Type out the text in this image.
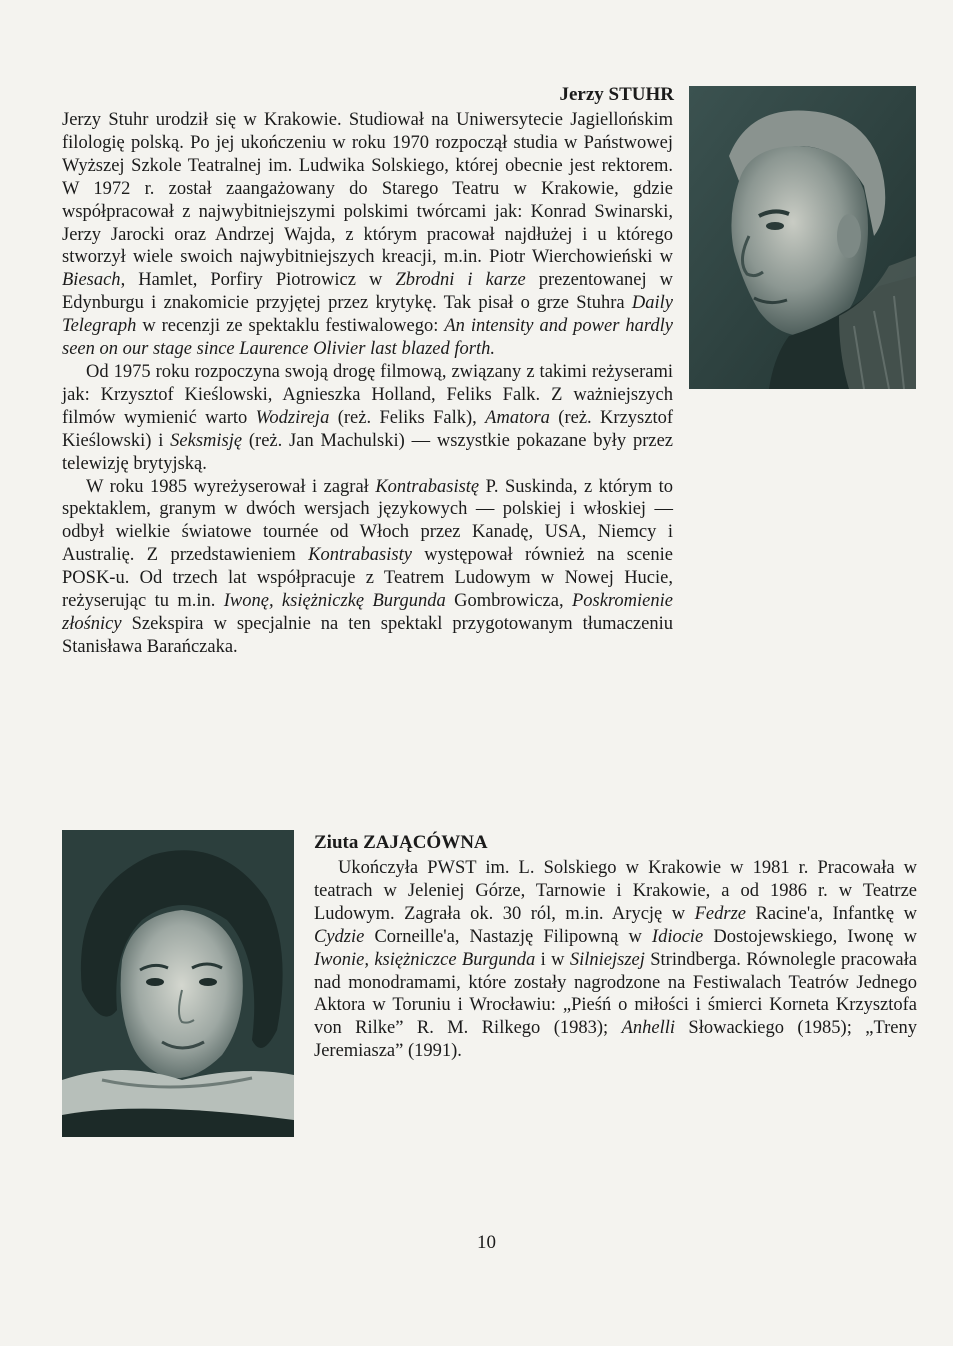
Jerzy STUHR

Jerzy Stuhr urodził się w Krakowie. Studiował na Uniwersytecie Jagiellońskim filologię polską. Po jej ukończeniu w roku 1970 rozpoczął studia w Państwowej Wyższej Szkole Teatralnej im. Ludwika Solskiego, której obecnie jest rektorem. W 1972 r. został zaangażowany do Starego Teatru w Krakowie, gdzie współpracował z najwybitniejszymi polskimi twórcami jak: Konrad Swinarski, Jerzy Jarocki oraz Andrzej Wajda, z którym pracował najdłużej i u którego stworzył wiele swoich najwybitniejszych kreacji, m.in. Piotr Wierchowieński w Biesach, Hamlet, Porfiry Piotrowicz w Zbrodni i karze prezentowanej w Edynburgu i znakomicie przyjętej przez krytykę. Tak pisał o grze Stuhra Daily Telegraph w recenzji ze spektaklu festiwalowego: An intensity and power hardly seen on our stage since Laurence Olivier last blazed forth.

Od 1975 roku rozpoczyna swoją drogę filmową, związany z takimi reżyserami jak: Krzysztof Kieślowski, Agnieszka Holland, Feliks Falk. Z ważniejszych filmów wymienić warto Wodzireja (reż. Feliks Falk), Amatora (reż. Krzysztof Kieślowski) i Seksmisję (reż. Jan Machulski) — wszystkie pokazane były przez telewizję brytyjską.

W roku 1985 wyreżyserował i zagrał Kontrabasistę P. Suskinda, z którym to spektaklem, granym w dwóch wersjach językowych — polskiej i włoskiej — odbył wielkie światowe tournée od Włoch przez Kanadę, USA, Niemcy i Australię. Z przedstawieniem Kontrabasisty występował również na scenie POSK-u. Od trzech lat współpracuje z Teatrem Ludowym w Nowej Hucie, reżyserując tu m.in. Iwonę, księżniczkę Burgunda Gombrowicza, Poskromienie złośnicy Szekspira w specjalnie na ten spektakl przygotowanym tłumaczeniu Stanisława Barańczaka.

Ziuta ZAJĄCÓWNA

Ukończyła PWST im. L. Solskiego w Krakowie w 1981 r. Pracowała w teatrach w Jeleniej Górze, Tarnowie i Krakowie, a od 1986 r. w Teatrze Ludowym. Zagrała ok. 30 ról, m.in. Arycję w Fedrze Racine'a, Infantkę w Cydzie Corneille'a, Nastazję Filipowną w Idiocie Dostojewskiego, Iwonę w Iwonie, księżniczce Burgunda i w Silniejszej Strindberga. Równolegle pracowała nad monodramami, które zostały nagrodzone na Festiwalach Teatrów Jednego Aktora w Toruniu i Wrocławiu: „Pieśń o miłości i śmierci Korneta Krzysztofa von Rilke” R. M. Rilkego (1983); Anhelli Słowackiego (1985); „Treny Jeremiasza” (1991).

10
